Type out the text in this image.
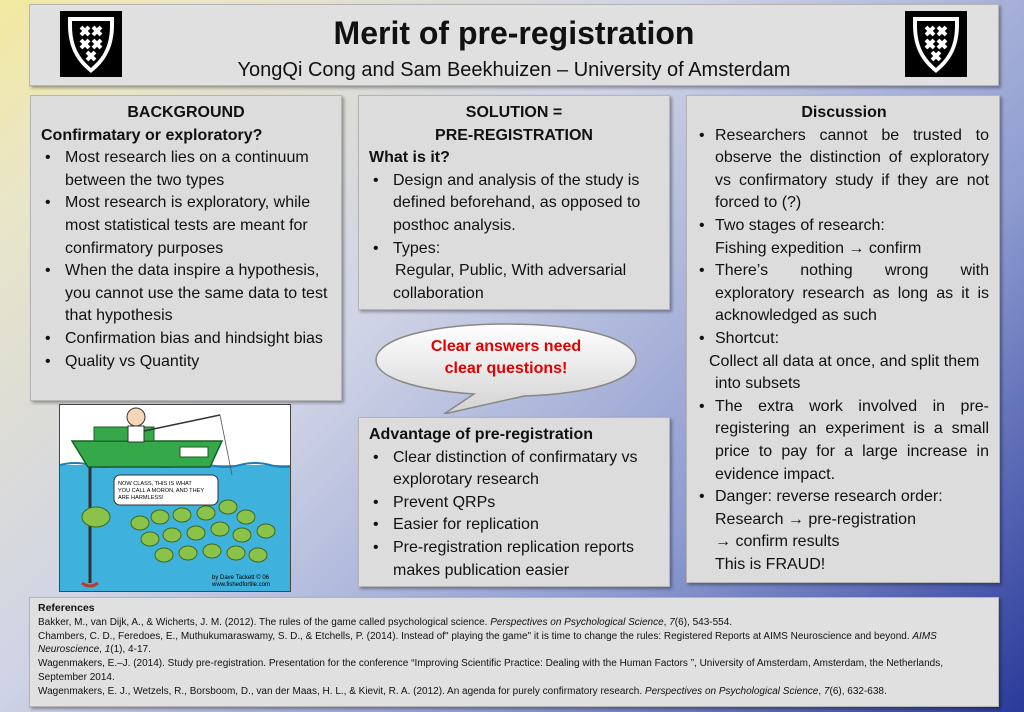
Merit of pre-registration
YongQi Cong and Sam Beekhuizen – University of Amsterdam
BACKGROUND
Confirmatary or exploratory?
• Most research lies on a continuum between the two types
• Most research is exploratory, while most statistical tests are meant for confirmatory purposes
• When the data inspire a hypothesis, you cannot use the same data to test that hypothesis
• Confirmation bias and hindsight bias
• Quality vs Quantity
SOLUTION =
PRE-REGISTRATION
What is it?
• Design and analysis of the study is defined beforehand, as opposed to posthoc analysis.
• Types:
Regular, Public, With adversarial collaboration
Clear answers need
clear questions!
NOW CLASS, THIS IS WHAT YOU CALL A MORON, AND THEY ARE HARMLESS!
by Dave Tackett © 06 www.fishedfortile.com
Advantage of pre-registration
• Clear distinction of confirmatary vs explorotary research
• Prevent QRPs
• Easier for replication
• Pre-registration replication reports makes publication easier
Discussion
• Researchers cannot be trusted to observe the distinction of exploratory vs confirmatory study if they are not forced to (?)
• Two stages of research:
Fishing expedition → confirm
• There’s nothing wrong with exploratory research as long as it is acknowledged as such
• Shortcut:
Collect all data at once, and split them into subsets
• The extra work involved in pre-registering an experiment is a small price to pay for a large increase in evidence impact.
• Danger: reverse research order:
Research → pre-registration
→ confirm results
This is FRAUD!

References

Bakker, M., van Dijk, A., & Wicherts, J. M. (2012). The rules of the game called psychological science. Perspectives on Psychological Science, 7(6), 543-554.

Chambers, C. D., Feredoes, E., Muthukumaraswamy, S. D., & Etchells, P. (2014). Instead of" playing the game" it is time to change the rules: Registered Reports at AIMS Neuroscience and beyond. AIMS Neuroscience, 1(1), 4-17.

Wagenmakers, E.–J. (2014). Study pre-registration. Presentation for the conference “Improving Scientific Practice: Dealing with the Human Factors ”, University of Amsterdam, Amsterdam, the Netherlands, September 2014.

Wagenmakers, E. J., Wetzels, R., Borsboom, D., van der Maas, H. L., & Kievit, R. A. (2012). An agenda for purely confirmatory research. Perspectives on Psychological Science, 7(6), 632-638.
